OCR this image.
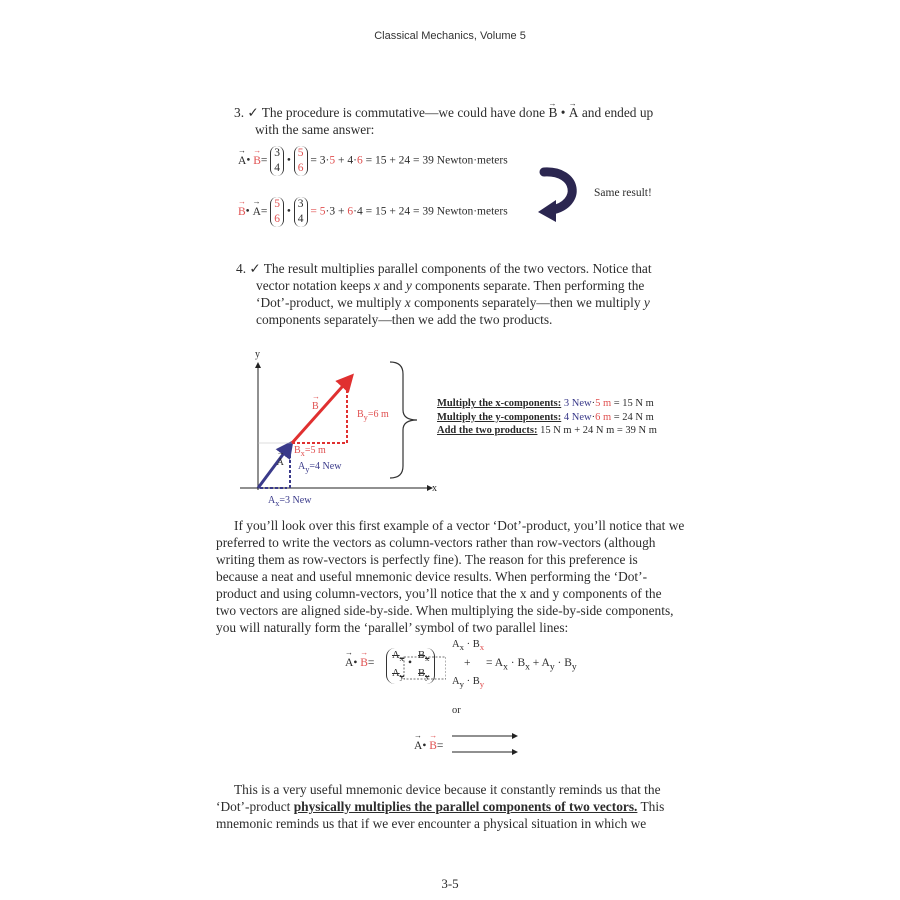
Classical Mechanics, Volume 5
3. ✓ The procedure is commutative—we could have done → B • → A and ended up
with the same answer:
→ A• → B= 3
4 • 5
6 = 3·5 + 4·6 = 15 + 24 = 39 Newton·meters
→ B• → A= 5
6 • 3
4 = 5·3 + 6·4 = 15 + 24 = 39 Newton·meters
Same result!
4. ✓ The result multiplies parallel components of the two vectors. Notice that
vector notation keeps x and y components separate. Then performing the
‘Dot’-product, we multiply x components separately—then we multiply y
components separately—then we add the two products.
y
x
→ B → A
$B_y=6$ m
$B_x=5$ m
$A_y=4$ New
$A_x=3$ New
Multiply the x-components: 3 New·5 m = 15 N m
Multiply the y-components: 4 New·6 m = 24 N m
Add the two products: 15 N m + 24 N m = 39 N m
If you’ll look over this first example of a vector ‘Dot’-product, you’ll notice that we
preferred to write the vectors as column-vectors rather than row-vectors (although
writing them as row-vectors is perfectly fine). The reason for this preference is
because a neat and useful mnemonic device results. When performing the ‘Dot’-
product and using column-vectors, you’ll notice that the x and y components of the
two vectors are aligned side-by-side. When multiplying the side-by-side components,
you will naturally form the ‘parallel’ symbol of two parallel lines:
→ A• → B=
$A_x$
$A_y$
•
$B_x$
$B_y$
$A_x \cdot B_x$
+
$A_y \cdot B_y$
= $A_x \cdot B_x + A_y \cdot B_y$
or
→ A• → B=
This is a very useful mnemonic device because it constantly reminds us that the
‘Dot’-product physically multiplies the parallel components of two vectors. This
mnemonic reminds us that if we ever encounter a physical situation in which we
3-5
